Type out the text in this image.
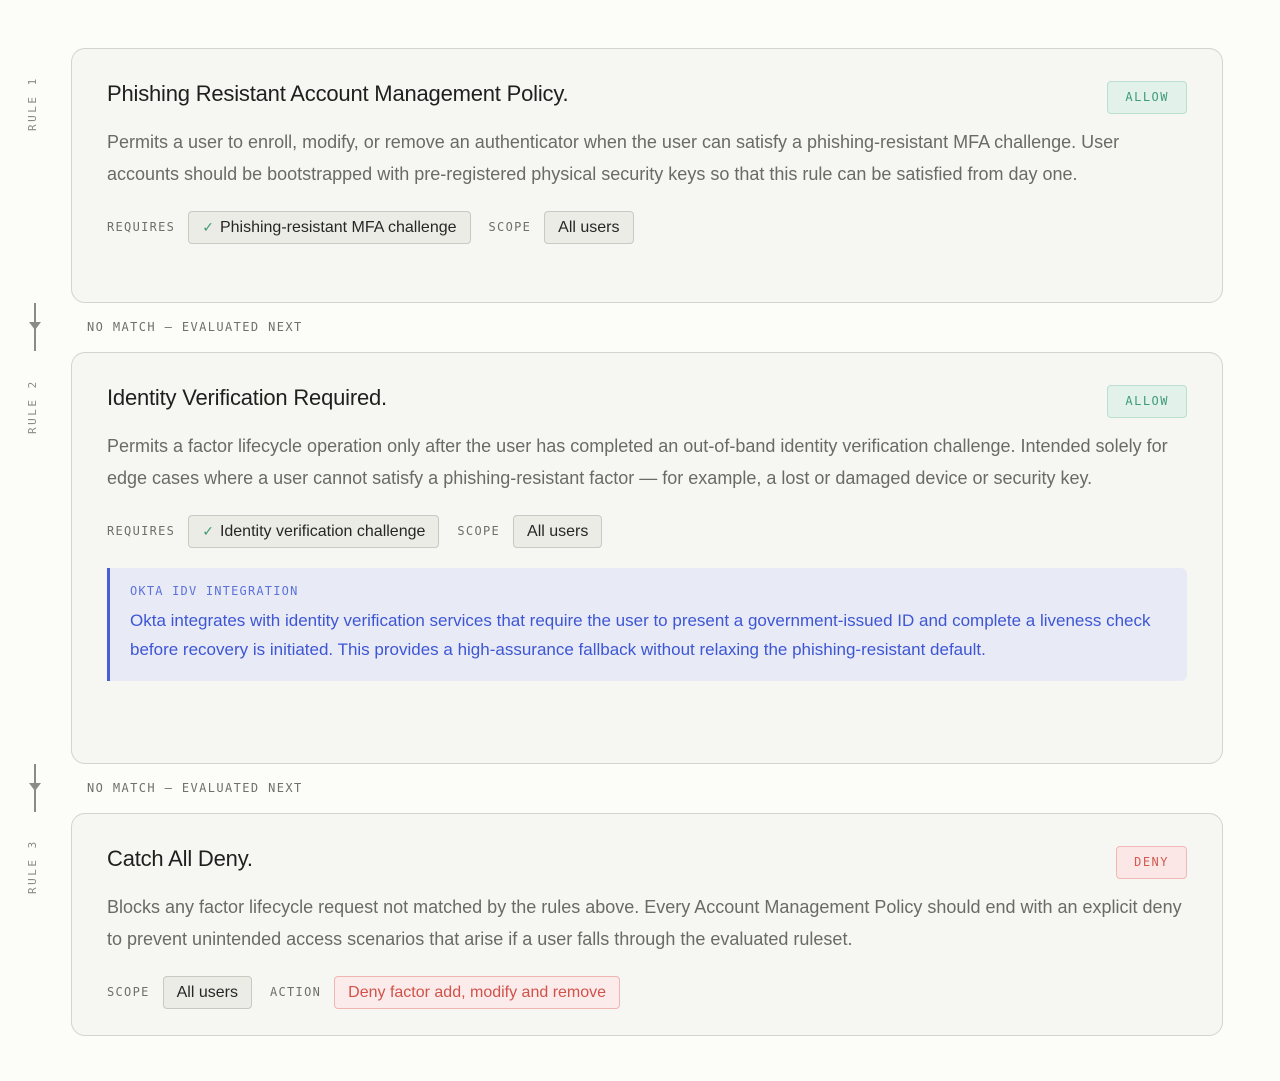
RULE 1	Phishing Resistant Account Management Policy.	ALLOW

Permits a user to enroll, modify, or remove an authenticator when the user can satisfy a phishing-resistant MFA challenge. User accounts should be bootstrapped with pre-registered physical security keys so that this rule can be satisfied from day one.

REQUIRES	✓ Phishing-resistant MFA challenge	SCOPE	All users
NO MATCH — EVALUATED NEXT
RULE 2	Identity Verification Required.	ALLOW

Permits a factor lifecycle operation only after the user has completed an out-of-band identity verification challenge. Intended solely for edge cases where a user cannot satisfy a phishing-resistant factor — for example, a lost or damaged device or security key.

REQUIRES	✓ Identity verification challenge	SCOPE	All users
OKTA IDV INTEGRATION
Okta integrates with identity verification services that require the user to present a government-issued ID and complete a liveness check before recovery is initiated. This provides a high-assurance fallback without relaxing the phishing-resistant default.
NO MATCH — EVALUATED NEXT
RULE 3	Catch All Deny.	DENY

Blocks any factor lifecycle request not matched by the rules above. Every Account Management Policy should end with an explicit deny to prevent unintended access scenarios that arise if a user falls through the evaluated ruleset.

SCOPE	All users	ACTION	Deny factor add, modify and remove
